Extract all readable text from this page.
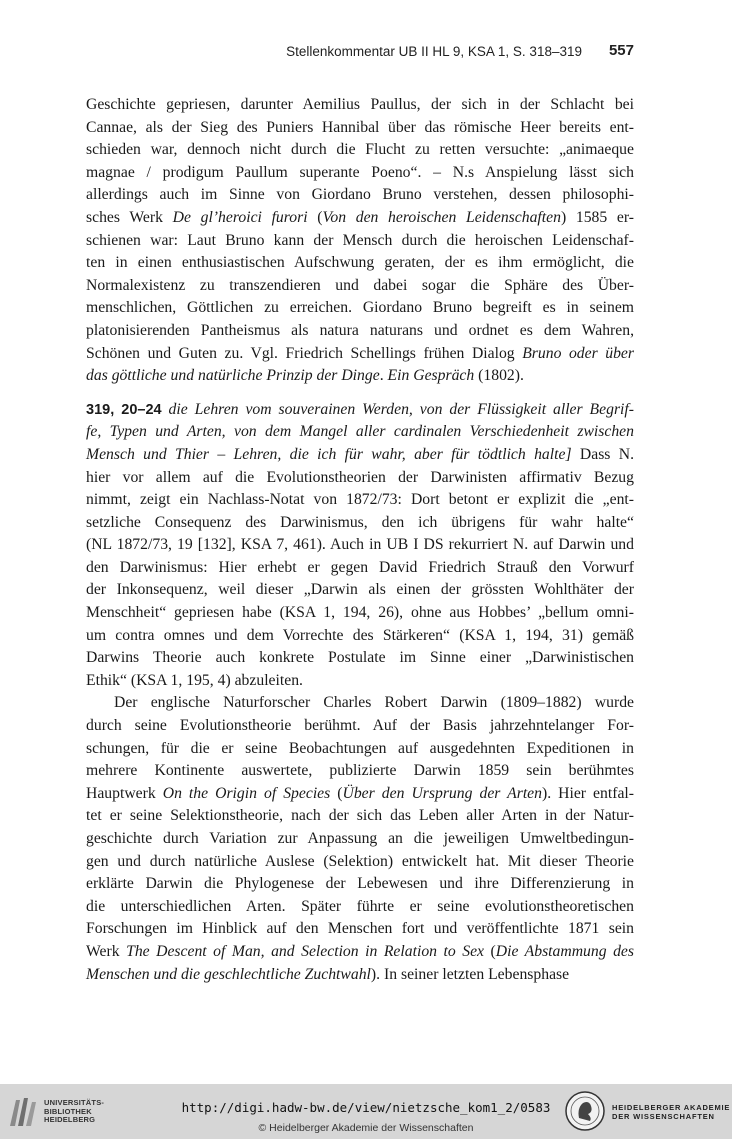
Stellenkommentar UB II HL 9, KSA 1, S. 318–319 557
Geschichte gepriesen, darunter Aemilius Paullus, der sich in der Schlacht bei
Cannae, als der Sieg des Puniers Hannibal über das römische Heer bereits ent-
schieden war, dennoch nicht durch die Flucht zu retten versuchte: „animaeque
magnae / prodigum Paullum superante Poeno“. – N.s Anspielung lässt sich
allerdings auch im Sinne von Giordano Bruno verstehen, dessen philosophi-
sches Werk De gl’heroici furori (Von den heroischen Leidenschaften) 1585 er-
schienen war: Laut Bruno kann der Mensch durch die heroischen Leidenschaf-
ten in einen enthusiastischen Aufschwung geraten, der es ihm ermöglicht, die
Normalexistenz zu transzendieren und dabei sogar die Sphäre des Über-
menschlichen, Göttlichen zu erreichen. Giordano Bruno begreift es in seinem
platonisierenden Pantheismus als natura naturans und ordnet es dem Wahren,
Schönen und Guten zu. Vgl. Friedrich Schellings frühen Dialog Bruno oder über
das göttliche und natürliche Prinzip der Dinge. Ein Gespräch (1802).
319, 20–24 die Lehren vom souverainen Werden, von der Flüssigkeit aller Begrif-
fe, Typen und Arten, von dem Mangel aller cardinalen Verschiedenheit zwischen
Mensch und Thier – Lehren, die ich für wahr, aber für tödtlich halte] Dass N.
hier vor allem auf die Evolutionstheorien der Darwinisten affirmativ Bezug
nimmt, zeigt ein Nachlass-Notat von 1872/73: Dort betont er explizit die „ent-
setzliche Consequenz des Darwinismus, den ich übrigens für wahr halte“
(NL 1872/73, 19 [132], KSA 7, 461). Auch in UB I DS rekurriert N. auf Darwin und
den Darwinismus: Hier erhebt er gegen David Friedrich Strauß den Vorwurf
der Inkonsequenz, weil dieser „Darwin als einen der grössten Wohlthäter der
Menschheit“ gepriesen habe (KSA 1, 194, 26), ohne aus Hobbes’ „bellum omni-
um contra omnes und dem Vorrechte des Stärkeren“ (KSA 1, 194, 31) gemäß
Darwins Theorie auch konkrete Postulate im Sinne einer „Darwinistischen
Ethik“ (KSA 1, 195, 4) abzuleiten.
Der englische Naturforscher Charles Robert Darwin (1809–1882) wurde
durch seine Evolutionstheorie berühmt. Auf der Basis jahrzehntelanger For-
schungen, für die er seine Beobachtungen auf ausgedehnten Expeditionen in
mehrere Kontinente auswertete, publizierte Darwin 1859 sein berühmtes
Hauptwerk On the Origin of Species (Über den Ursprung der Arten). Hier entfal-
tet er seine Selektionstheorie, nach der sich das Leben aller Arten in der Natur-
geschichte durch Variation zur Anpassung an die jeweiligen Umweltbedingun-
gen und durch natürliche Auslese (Selektion) entwickelt hat. Mit dieser Theorie
erklärte Darwin die Phylogenese der Lebewesen und ihre Differenzierung in
die unterschiedlichen Arten. Später führte er seine evolutionstheoretischen
Forschungen im Hinblick auf den Menschen fort und veröffentlichte 1871 sein
Werk The Descent of Man, and Selection in Relation to Sex (Die Abstammung des
Menschen und die geschlechtliche Zuchtwahl). In seiner letzten Lebensphase
UNIVERSITÄTS-
BIBLIOTHEK
HEIDELBERG
http://digi.hadw-bw.de/view/nietzsche_kom1_2/0583
© Heidelberger Akademie der Wissenschaften
HEIDELBERGER AKADEMIE
DER WISSENSCHAFTEN
